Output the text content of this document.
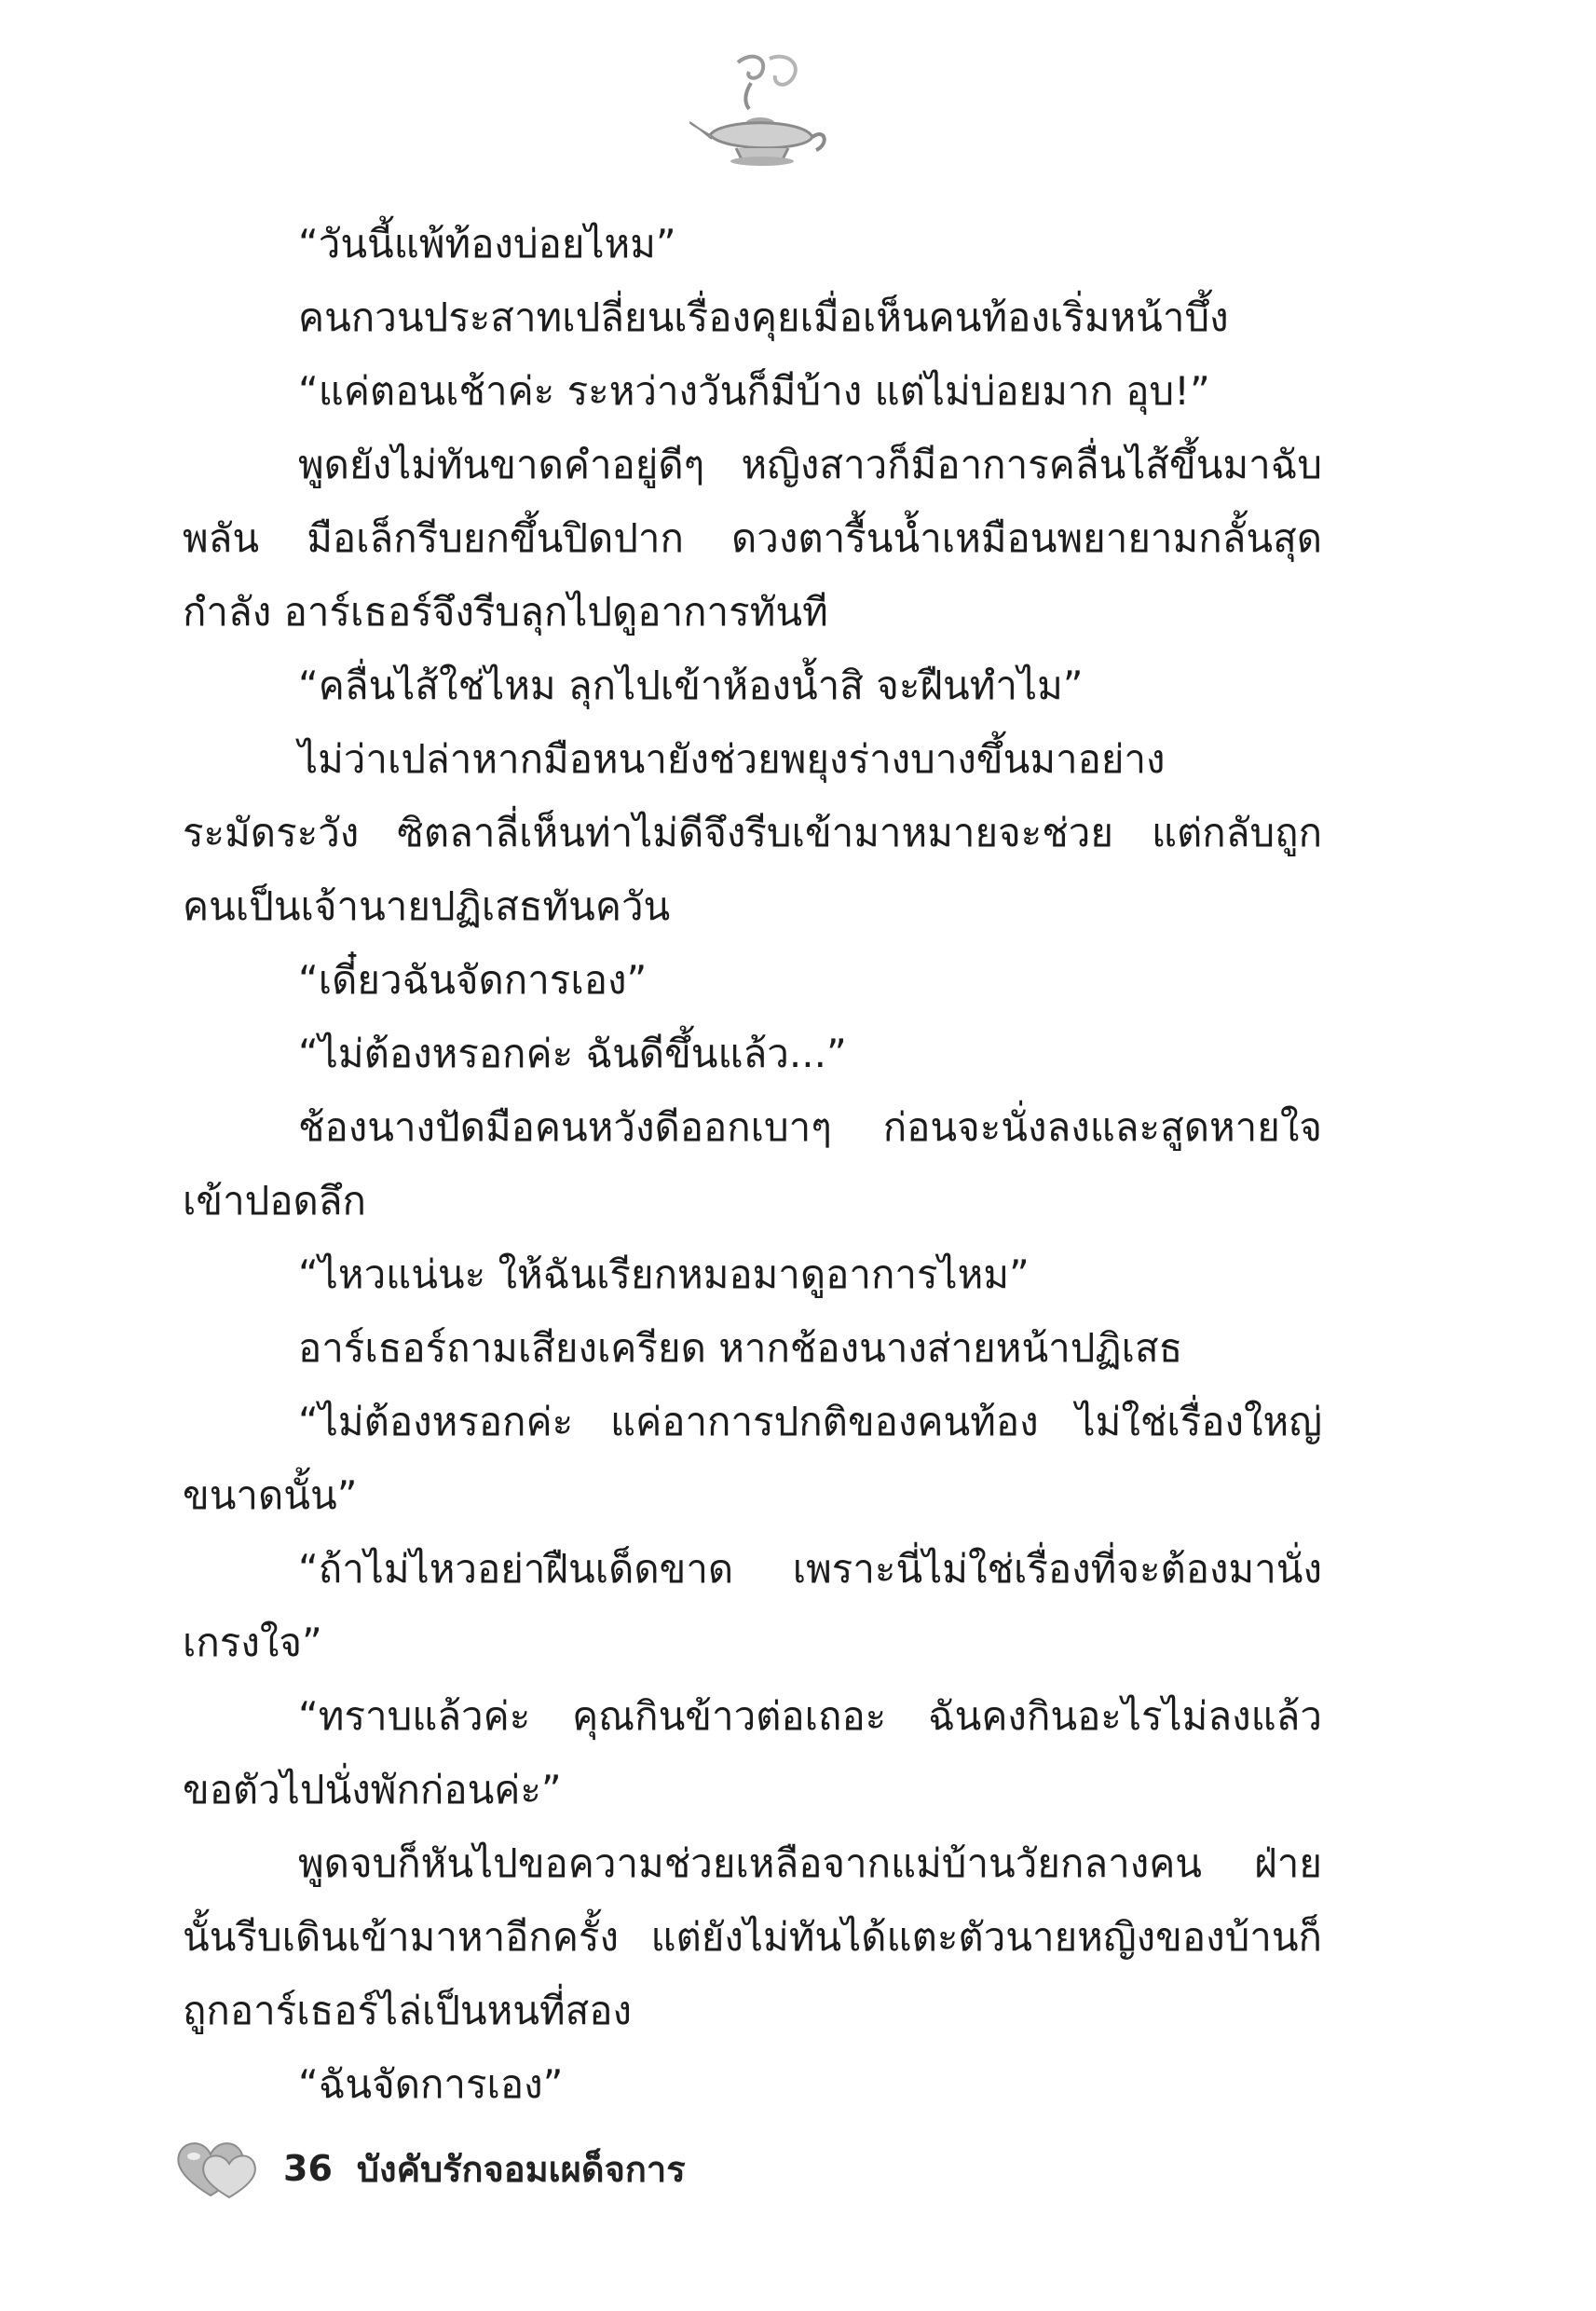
“วันนี้แพ้ท้องบ่อยไหม”

คนกวนประสาทเปลี่ยนเรื่องคุยเมื่อเห็นคนท้องเริ่มหน้าบึ้ง

“แค่ตอนเช้าค่ะ ระหว่างวันก็มีบ้าง แต่ไม่บ่อยมาก อุบ!”

พูดยังไม่ทันขาดคำอยู่ดีๆ หญิงสาวก็มีอาการคลื่นไส้ขึ้นมาฉับพลัน มือเล็กรีบยกขึ้นปิดปาก ดวงตารื้นน้ำเหมือนพยายามกลั้นสุดกำลัง อาร์เธอร์จึงรีบลุกไปดูอาการทันที

“คลื่นไส้ใช่ไหม ลุกไปเข้าห้องน้ำสิ จะฝืนทำไม”

ไม่ว่าเปล่าหากมือหนายังช่วยพยุงร่างบางขึ้นมาอย่างระมัดระวัง ซิตลาลี่เห็นท่าไม่ดีจึงรีบเข้ามาหมายจะช่วย แต่กลับถูกคนเป็นเจ้านายปฏิเสธทันควัน

“เดี๋ยวฉันจัดการเอง”

“ไม่ต้องหรอกค่ะ ฉันดีขึ้นแล้ว...”

ช้องนางปัดมือคนหวังดีออกเบาๆ ก่อนจะนั่งลงและสูดหายใจเข้าปอดลึก

“ไหวแน่นะ ให้ฉันเรียกหมอมาดูอาการไหม”

อาร์เธอร์ถามเสียงเครียด หากช้องนางส่ายหน้าปฏิเสธ

“ไม่ต้องหรอกค่ะ แค่อาการปกติของคนท้อง ไม่ใช่เรื่องใหญ่ขนาดนั้น”

“ถ้าไม่ไหวอย่าฝืนเด็ดขาด เพราะนี่ไม่ใช่เรื่องที่จะต้องมานั่งเกรงใจ”

“ทราบแล้วค่ะ คุณกินข้าวต่อเถอะ ฉันคงกินอะไรไม่ลงแล้ว ขอตัวไปนั่งพักก่อนค่ะ”

พูดจบก็หันไปขอความช่วยเหลือจากแม่บ้านวัยกลางคน ฝ่ายนั้นรีบเดินเข้ามาหาอีกครั้ง แต่ยังไม่ทันได้แตะตัวนายหญิงของบ้านก็ถูกอาร์เธอร์ไล่เป็นหนที่สอง

“ฉันจัดการเอง”

36 บังคับรักจอมเผด็จการ
